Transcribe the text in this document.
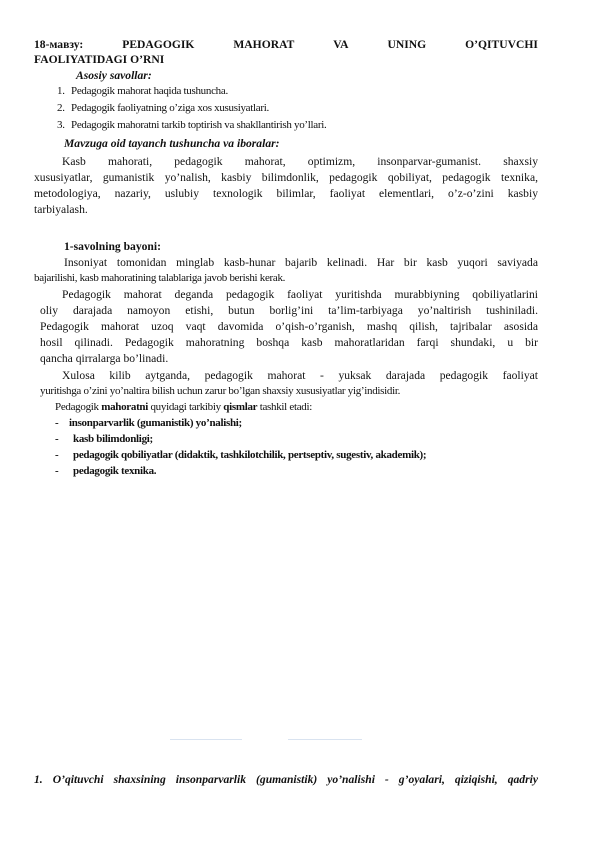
18-мавзу:	PEDAGOGIK	MAHORAT	VA	UNING	O’QITUVCHI

FAOLIYATIDAGI O’RNI

Asosiy savollar:

1. Pedagogik mahorat haqida tushuncha.

2. Pedagogik faoliyatning o’ziga xos xususiyatlari.

3. Pedagogik mahoratni tarkib toptirish va shakllantirish yo’llari.

Mavzuga oid tayanch tushuncha va iboralar:

Kasb mahorati, pedagogik mahorat, optimizm, insonparvar-gumanist. shaxsiy

xususiyatlar, gumanistik yo’nalish, kasbiy bilimdonlik, pedagogik qobiliyat, pedagogik texnika,

metodologiya, nazariy, uslubiy texnologik bilimlar, faoliyat elementlari, o’z-o’zini kasbiy

tarbiyalash.

1-savolning bayoni:

Insoniyat tomonidan minglab kasb-hunar bajarib kelinadi. Har bir kasb yuqori saviyada

bajarilishi, kasb mahoratining talablariga javob berishi kerak.

Pedagogik mahorat deganda pedagogik faoliyat yuritishda murabbiyning qobiliyatlarini

oliy darajada namoyon etishi, butun borlig’ini ta’lim-tarbiyaga yo’naltirish tushiniladi.

Pedagogik mahorat uzoq vaqt davomida o’qish-o’rganish, mashq qilish, tajribalar asosida

hosil qilinadi. Pedagogik mahoratning boshqa kasb mahoratlaridan farqi shundaki, u bir

qancha qirralarga bo’linadi.

Xulosa kilib aytganda, pedagogik mahorat - yuksak darajada pedagogik faoliyat

yuritishga o’zini yo’naltira bilish uchun zarur bo’lgan shaxsiy xususiyatlar yig’indisidir.

Pedagogik mahoratni quyidagi tarkibiy qismlar tashkil etadi:

- insonparvarlik (gumanistik) yo’nalishi;

- kasb bilimdonligi;

- pedagogik qobiliyatlar (didaktik, tashkilotchilik, pertseptiv, sugestiv, akademik);

- pedagogik texnika.

1. O’qituvchi shaxsining insonparvarlik (gumanistik) yo’nalishi - g’oyalari, qiziqishi, qadriy
